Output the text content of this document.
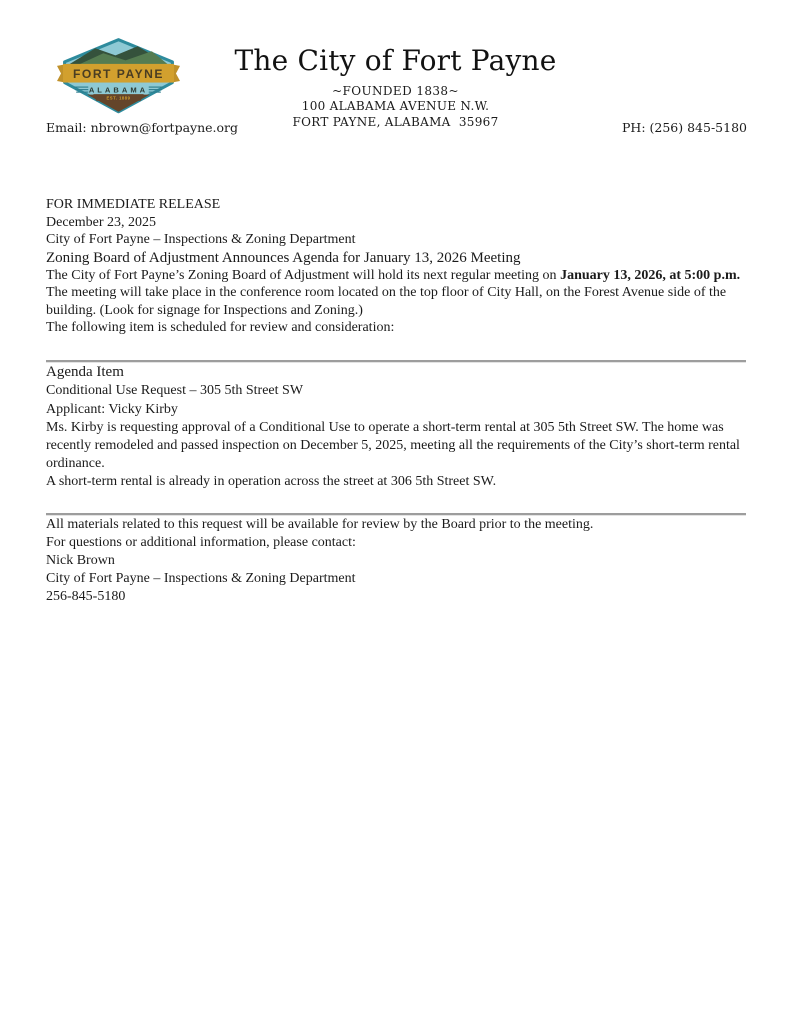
FORT PAYNE
ALABAMA
EST. 1889
The City of Fort Payne
~FOUNDED 1838~
100 ALABAMA AVENUE N.W.
FORT PAYNE, ALABAMA  35967
Email: nbrown@fortpayne.org	PH: (256) 845-5180

FOR IMMEDIATE RELEASE

December 23, 2025

City of Fort Payne – Inspections & Zoning Department

Zoning Board of Adjustment Announces Agenda for January 13, 2026 Meeting

The City of Fort Payne’s Zoning Board of Adjustment will hold its next regular meeting on January 13, 2026, at 5:00 p.m.

The meeting will take place in the conference room located on the top floor of City Hall, on the Forest Avenue side of the building. (Look for signage for Inspections and Zoning.)

The following item is scheduled for review and consideration:

Agenda Item

Conditional Use Request – 305 5th Street SW
Applicant: Vicky Kirby

Ms. Kirby is requesting approval of a Conditional Use to operate a short-term rental at 305 5th Street SW. The home was recently remodeled and passed inspection on December 5, 2025, meeting all the requirements of the City’s short-term rental ordinance.

A short-term rental is already in operation across the street at 306 5th Street SW.

All materials related to this request will be available for review by the Board prior to the meeting.

For questions or additional information, please contact:
Nick Brown
City of Fort Payne – Inspections & Zoning Department
256-845-5180
